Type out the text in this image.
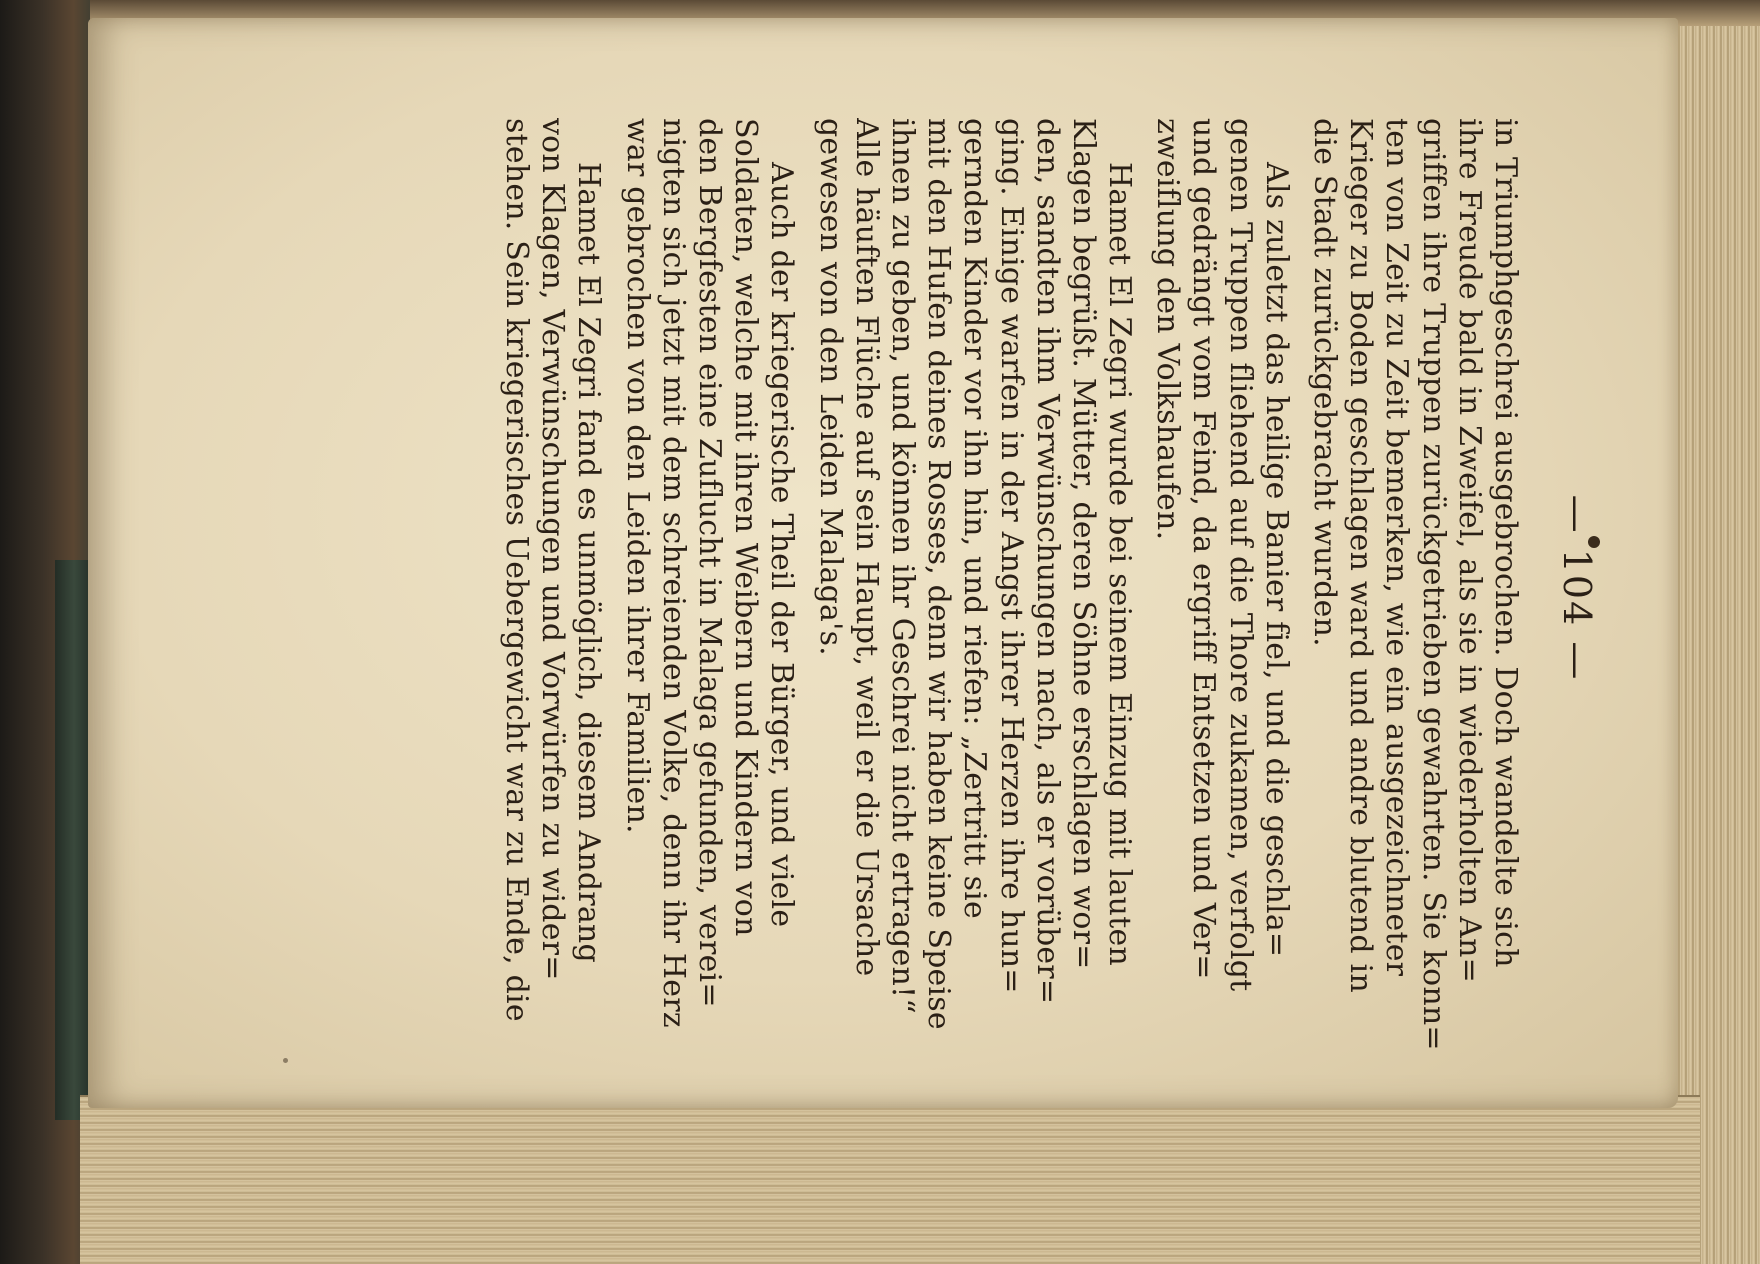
— 104 —
in Triumphgeschrei ausgebrochen. Doch wandelte sich
ihre Freude bald in Zweifel, als sie in wiederholten An=
griffen ihre Truppen zurückgetrieben gewahrten. Sie konn=
ten von Zeit zu Zeit bemerken, wie ein ausgezeichneter
Krieger zu Boden geschlagen ward und andre blutend in
die Stadt zurückgebracht wurden.
Als zuletzt das heilige Banier fiel, und die geschla=
genen Truppen fliehend auf die Thore zukamen, verfolgt
und gedrängt vom Feind, da ergriff Entsetzen und Ver=
zweiflung den Volkshaufen.
Hamet El Zegri wurde bei seinem Einzug mit lauten
Klagen begrüßt. Mütter, deren Söhne erschlagen wor=
den, sandten ihm Verwünschungen nach, als er vorüber=
ging. Einige warfen in der Angst ihrer Herzen ihre hun=
gernden Kinder vor ihn hin, und riefen: „Zertritt sie
mit den Hufen deines Rosses, denn wir haben keine Speise
ihnen zu geben, und können ihr Geschrei nicht ertragen!“
Alle häuften Flüche auf sein Haupt, weil er die Ursache
gewesen von den Leiden Malaga's.
Auch der kriegerische Theil der Bürger, und viele
Soldaten, welche mit ihren Weibern und Kindern von
den Bergfesten eine Zuflucht in Malaga gefunden, verei=
nigten sich jetzt mit dem schreienden Volke, denn ihr Herz
war gebrochen von den Leiden ihrer Familien.
Hamet El Zegri fand es unmöglich, diesem Andrang
von Klagen, Verwünschungen und Vorwürfen zu wider=
stehen. Sein kriegerisches Uebergewicht war zu Ende, die
